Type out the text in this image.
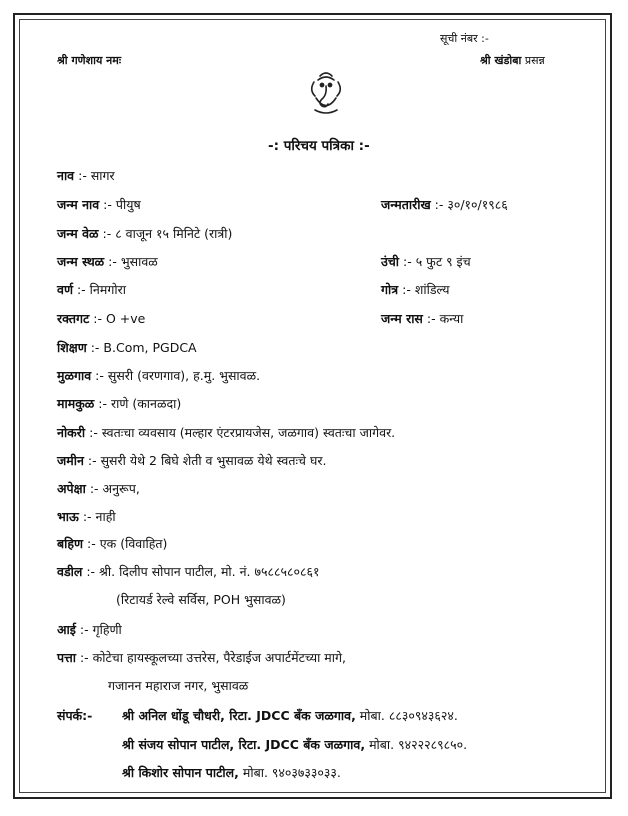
सूची नंबर :-
श्री गणेशाय नमः	श्री खंडोबा प्रसन्न
-: परिचय पत्रिका :-
नाव :- सागर
जन्म नाव :- पीयुष	जन्मतारीख :- ३०/१०/१९८६
जन्म वेळ :- ८ वाजून १५ मिनिटे (रात्री)
जन्म स्थळ :- भुसावळ	उंची :- ५ फुट ९ इंच
वर्ण :- निमगोरा	गोत्र :- शांडिल्य
रक्तगट :- O +ve	जन्म रास :- कन्या
शिक्षण :- B.Com, PGDCA
मुळगाव :- सुसरी (वरणगाव), ह.मु. भुसावळ.
मामकुळ :- राणे (कानळदा)
नोकरी :- स्वतःचा व्यवसाय (मल्हार एंटरप्रायजेस, जळगाव) स्वतःचा जागेवर.
जमीन :- सुसरी येथे 2 बिघे शेती व भुसावळ येथे स्वतःचे घर.
अपेक्षा :- अनुरूप,
भाऊ :- नाही
बहिण :- एक (विवाहित)
वडील :- श्री. दिलीप सोपान पाटील, मो. नं. ७५८८५८०८६१
(रिटायर्ड रेल्वे सर्विस, POH भुसावळ)
आई :- गृहिणी
पत्ता :- कोटेचा हायस्कूलच्या उत्तरेस, पैरेडाईज अपार्टमेंटच्या मागे,
गजानन महाराज नगर, भुसावळ
संपर्क:- श्री अनिल धोंडू चौधरी, रिटा. JDCC बँक जळगाव, मोबा. ८८३०९४३६२४.
श्री संजय सोपान पाटील, रिटा. JDCC बँक जळगाव, मोबा. ९४२२२८९८५०.
श्री किशोर सोपान पाटील, मोबा. ९४०३७३३०३३.
